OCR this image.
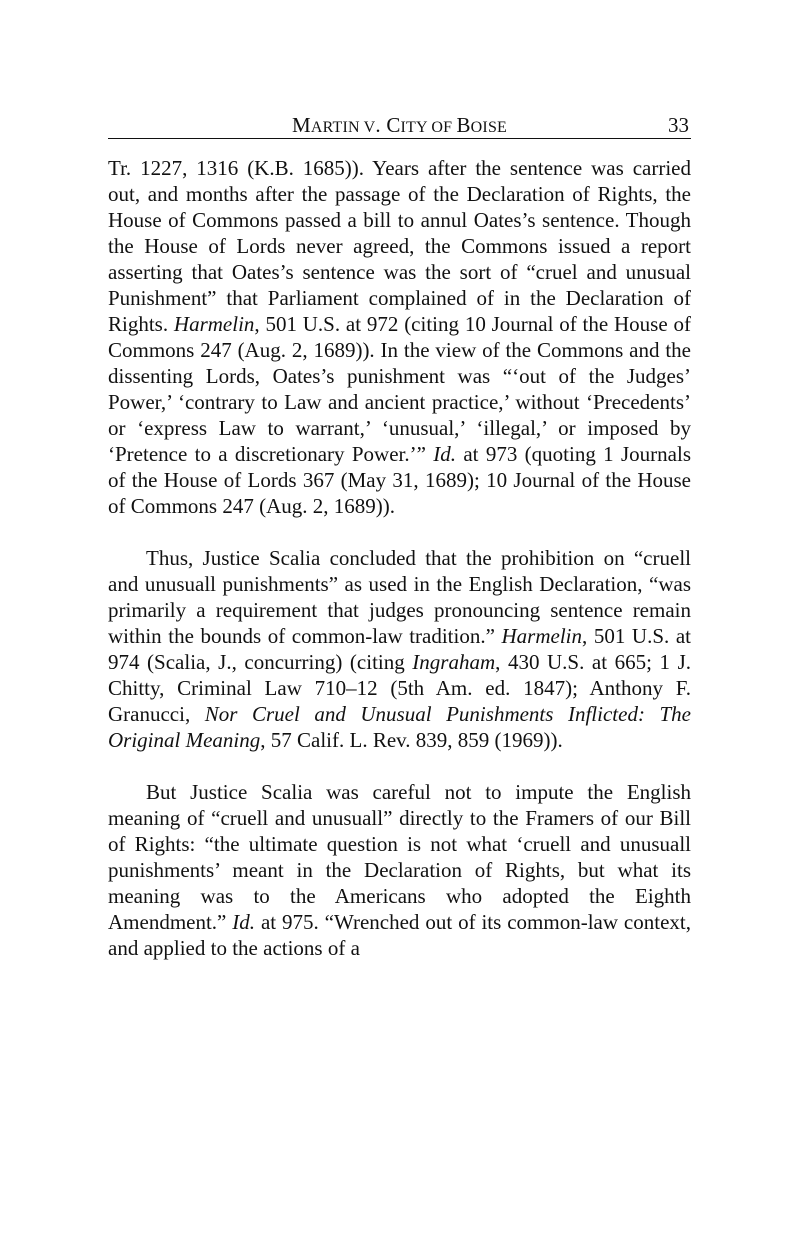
MARTIN V. CITY OF BOISE	33

Tr. 1227, 1316 (K.B. 1685)). Years after the sentence was carried out, and months after the passage of the Declaration of Rights, the House of Commons passed a bill to annul Oates’s sentence. Though the House of Lords never agreed, the Commons issued a report asserting that Oates’s sentence was the sort of “cruel and unusual Punishment” that Parliament complained of in the Declaration of Rights. Harmelin, 501 U.S. at 972 (citing 10 Journal of the House of Commons 247 (Aug. 2, 1689)). In the view of the Commons and the dissenting Lords, Oates’s punishment was “‘out of the Judges’ Power,’ ‘contrary to Law and ancient practice,’ without ‘Precedents’ or ‘express Law to warrant,’ ‘unusual,’ ‘illegal,’ or imposed by ‘Pretence to a discretionary Power.’” Id. at 973 (quoting 1 Journals of the House of Lords 367 (May 31, 1689); 10 Journal of the House of Commons 247 (Aug. 2, 1689)).

Thus, Justice Scalia concluded that the prohibition on “cruell and unusuall punishments” as used in the English Declaration, “was primarily a requirement that judges pronouncing sentence remain within the bounds of common-law tradition.” Harmelin, 501 U.S. at 974 (Scalia, J., concurring) (citing Ingraham, 430 U.S. at 665; 1 J. Chitty, Criminal Law 710–12 (5th Am. ed. 1847); Anthony F. Granucci, Nor Cruel and Unusual Punishments Inflicted: The Original Meaning, 57 Calif. L. Rev. 839, 859 (1969)).

But Justice Scalia was careful not to impute the English meaning of “cruell and unusuall” directly to the Framers of our Bill of Rights: “the ultimate question is not what ‘cruell and unusuall punishments’ meant in the Declaration of Rights, but what its meaning was to the Americans who adopted the Eighth Amendment.” Id. at 975. “Wrenched out of its common-law context, and applied to the actions of a
